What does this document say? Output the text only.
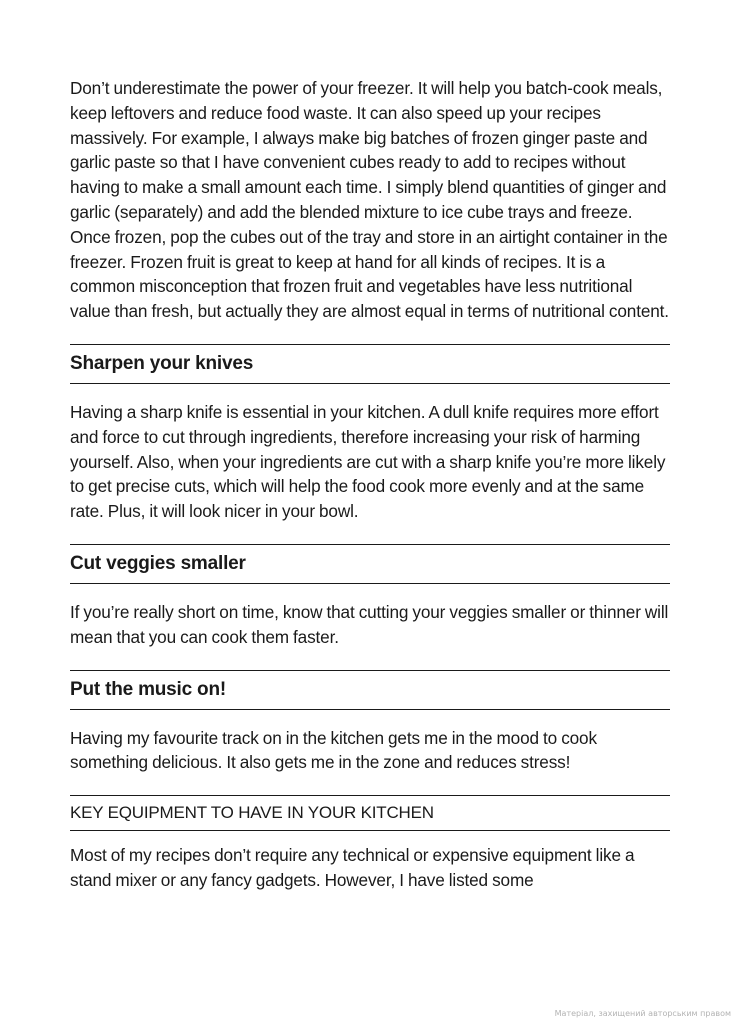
Don’t underestimate the power of your freezer. It will help you batch-cook meals, keep leftovers and reduce food waste. It can also speed up your recipes massively. For example, I always make big batches of frozen ginger paste and garlic paste so that I have convenient cubes ready to add to recipes without having to make a small amount each time. I simply blend quantities of ginger and garlic (separately) and add the blended mixture to ice cube trays and freeze. Once frozen, pop the cubes out of the tray and store in an airtight container in the freezer. Frozen fruit is great to keep at hand for all kinds of recipes. It is a common misconception that frozen fruit and vegetables have less nutritional value than fresh, but actually they are almost equal in terms of nutritional content.

Sharpen your knives

Having a sharp knife is essential in your kitchen. A dull knife requires more effort and force to cut through ingredients, therefore increasing your risk of harming yourself. Also, when your ingredients are cut with a sharp knife you’re more likely to get precise cuts, which will help the food cook more evenly and at the same rate. Plus, it will look nicer in your bowl.

Cut veggies smaller

If you’re really short on time, know that cutting your veggies smaller or thinner will mean that you can cook them faster.

Put the music on!

Having my favourite track on in the kitchen gets me in the mood to cook something delicious. It also gets me in the zone and reduces stress!

KEY EQUIPMENT TO HAVE IN YOUR KITCHEN

Most of my recipes don’t require any technical or expensive equipment like a stand mixer or any fancy gadgets. However, I have listed some

Матеріал, захищений авторським правом
